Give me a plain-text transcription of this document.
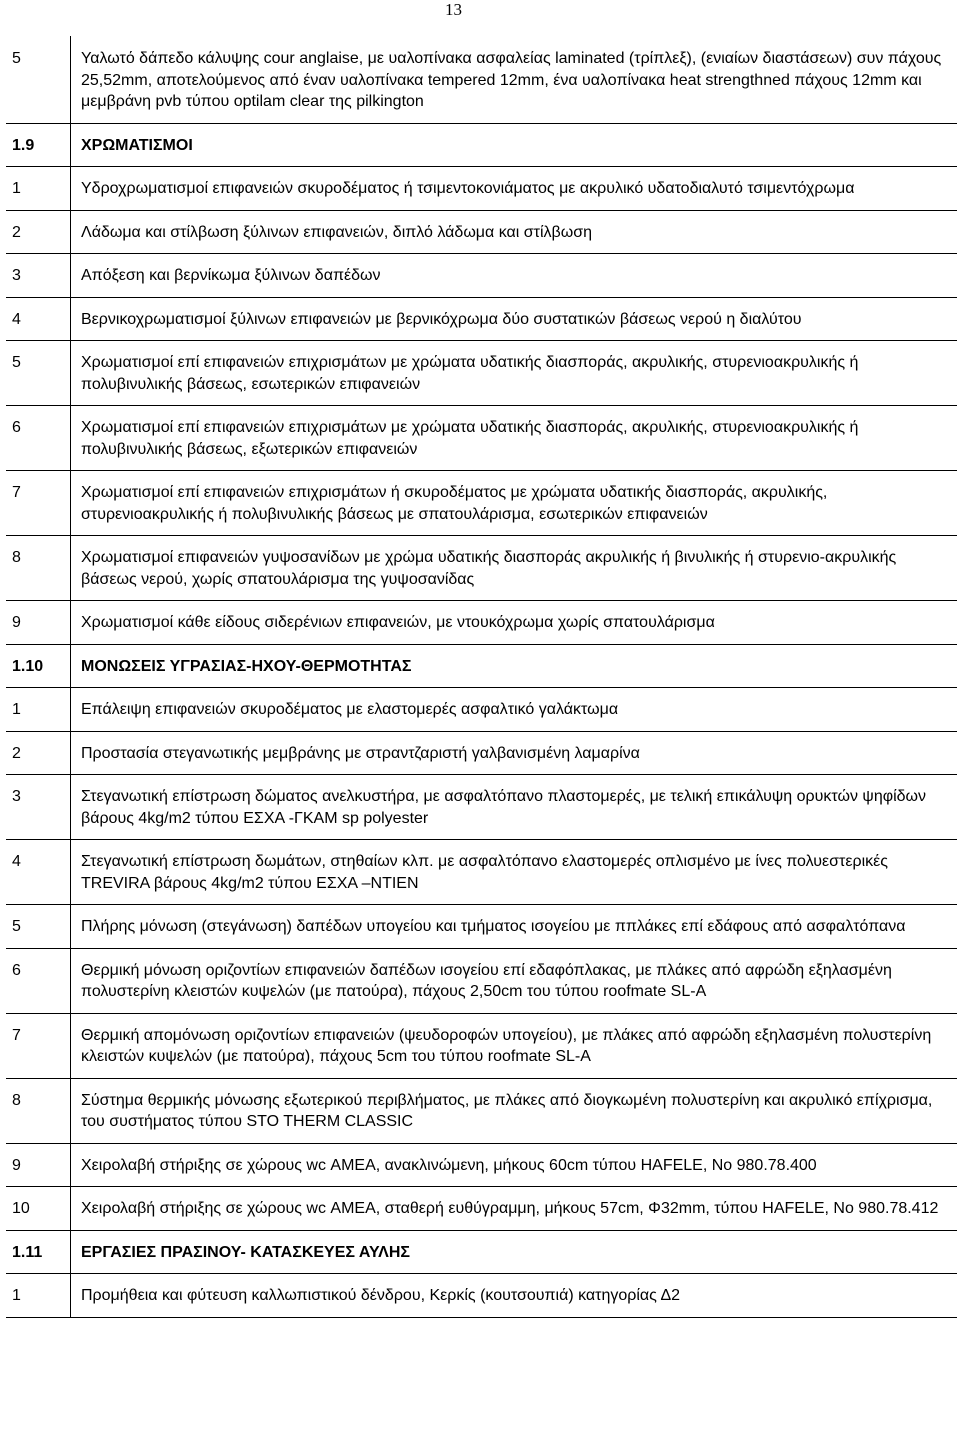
13
5	Υαλωτό δάπεδο κάλυψης cour anglaise, με υαλοπίνακα ασφαλείας laminated (τρίπλεξ), (ενιαίων διαστάσεων) συν πάχους 25,52mm, αποτελούμενος από έναν υαλοπίνακα tempered 12mm, ένα υαλοπίνακα heat strengthned πάχους 12mm και μεμβράνη pvb τύπου optilam clear της pilkington
1.9	ΧΡΩΜΑΤΙΣΜΟΙ
1	Υδροχρωματισμοί επιφανειών σκυροδέματος ή τσιμεντοκονιάματος με ακρυλικό υδατοδιαλυτό τσιμεντόχρωμα
2	Λάδωμα και στίλβωση ξύλινων επιφανειών, διπλό λάδωμα και στίλβωση
3	Απόξεση και βερνίκωμα ξύλινων δαπέδων
4	Βερνικοχρωματισμοί ξύλινων επιφανειών με βερνικόχρωμα δύο συστατικών βάσεως νερού η διαλύτου
5	Χρωματισμοί επί επιφανειών επιχρισμάτων με χρώματα υδατικής διασποράς, ακρυλικής, στυρενιοακρυλικής ή πολυβινυλικής βάσεως, εσωτερικών επιφανειών
6	Χρωματισμοί επί επιφανειών επιχρισμάτων με χρώματα υδατικής διασποράς, ακρυλικής, στυρενιοακρυλικής ή πολυβινυλικής βάσεως, εξωτερικών επιφανειών
7	Χρωματισμοί επί επιφανειών επιχρισμάτων ή σκυροδέματος με χρώματα υδατικής διασποράς, ακρυλικής, στυρενιοακρυλικής ή πολυβινυλικής βάσεως με σπατουλάρισμα, εσωτερικών επιφανειών
8	Χρωματισμοί επιφανειών γυψοσανίδων με χρώμα υδατικής διασποράς ακρυλικής ή βινυλικής ή στυρενιο-ακρυλικής βάσεως νερού, χωρίς σπατουλάρισμα της γυψοσανίδας
9	Χρωματισμοί κάθε είδους σιδερένιων επιφανειών, με ντουκόχρωμα χωρίς σπατουλάρισμα
1.10	ΜΟΝΩΣΕΙΣ ΥΓΡΑΣΙΑΣ-ΗΧΟΥ-ΘΕΡΜΟΤΗΤΑΣ
1	Επάλειψη επιφανειών σκυροδέματος με ελαστομερές ασφαλτικό γαλάκτωμα
2	Προστασία στεγανωτικής μεμβράνης με στραντζαριστή γαλβανισμένη λαμαρίνα
3	Στεγανωτική επίστρωση δώματος ανελκυστήρα, με ασφαλτόπανο πλαστομερές, με τελική επικάλυψη ορυκτών ψηφίδων βάρους 4kg/m2 τύπου ΕΣΧΑ -ΓΚΑΜ sp polyester
4	Στεγανωτική επίστρωση δωμάτων, στηθαίων κλπ. με ασφαλτόπανο ελαστομερές οπλισμένο με ίνες πολυεστερικές TREVIRA βάρους 4kg/m2 τύπου ΕΣΧΑ –NTIEN
5	Πλήρης μόνωση (στεγάνωση) δαπέδων υπογείου και τμήματος ισογείου με ππλάκες επί εδάφους από ασφαλτόπανα
6	Θερμική μόνωση οριζοντίων επιφανειών δαπέδων ισογείου επί εδαφόπλακας, με πλάκες από αφρώδη εξηλασμένη πολυστερίνη κλειστών κυψελών (με πατούρα), πάχους 2,50cm του τύπου roofmate SL-A
7	Θερμική απομόνωση οριζοντίων επιφανειών (ψευδοροφών υπογείου), με πλάκες από αφρώδη εξηλασμένη πολυστερίνη κλειστών κυψελών (με πατούρα), πάχους 5cm του τύπου roofmate SL-A
8	Σύστημα θερμικής μόνωσης εξωτερικού περιβλήματος, με πλάκες από διογκωμένη πολυστερίνη και ακρυλικό επίχρισμα, του συστήματος τύπου STO THERM CLASSIC
9	Χειρολαβή στήριξης σε χώρους wc ΑΜΕΑ, ανακλινώμενη, μήκους 60cm τύπου HAFELE, No 980.78.400
10	Χειρολαβή στήριξης σε χώρους wc ΑΜΕΑ, σταθερή ευθύγραμμη, μήκους 57cm, Φ32mm, τύπου HAFELE, No 980.78.412
1.11	ΕΡΓΑΣΙΕΣ ΠΡΑΣΙΝΟΥ- ΚΑΤΑΣΚΕΥΕΣ ΑΥΛΗΣ
1	Προμήθεια και φύτευση καλλωπιστικού δένδρου, Κερκίς (κουτσουπιά) κατηγορίας Δ2
